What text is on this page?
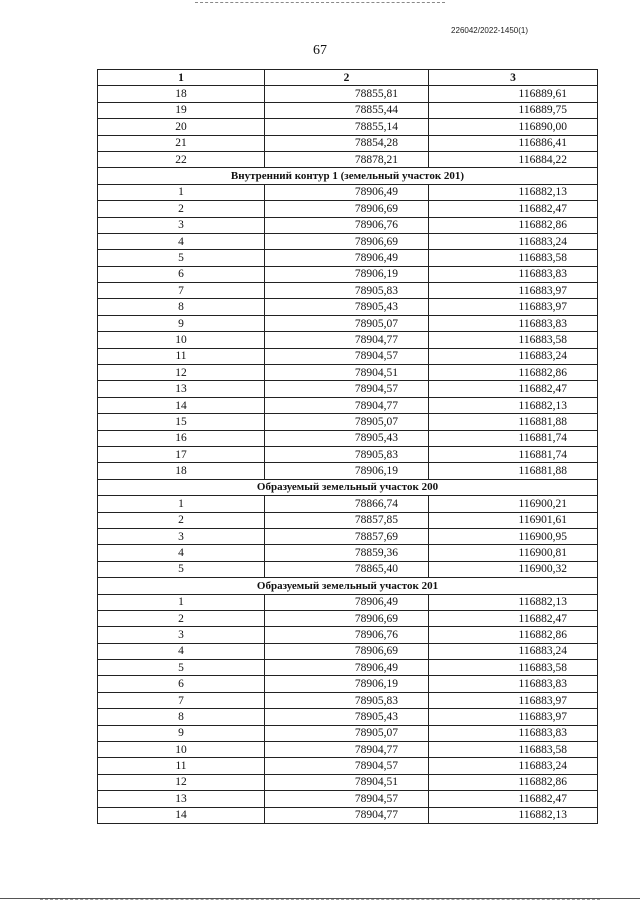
226042/2022-1450(1)
67
1	2	3
18	78855,81	116889,61
19	78855,44	116889,75
20	78855,14	116890,00
21	78854,28	116886,41
22	78878,21	116884,22
Внутренний контур 1 (земельный участок 201)		
1	78906,49	116882,13
2	78906,69	116882,47
3	78906,76	116882,86
4	78906,69	116883,24
5	78906,49	116883,58
6	78906,19	116883,83
7	78905,83	116883,97
8	78905,43	116883,97
9	78905,07	116883,83
10	78904,77	116883,58
11	78904,57	116883,24
12	78904,51	116882,86
13	78904,57	116882,47
14	78904,77	116882,13
15	78905,07	116881,88
16	78905,43	116881,74
17	78905,83	116881,74
18	78906,19	116881,88
Образуемый земельный участок 200		
1	78866,74	116900,21
2	78857,85	116901,61
3	78857,69	116900,95
4	78859,36	116900,81
5	78865,40	116900,32
Образуемый земельный участок 201		
1	78906,49	116882,13
2	78906,69	116882,47
3	78906,76	116882,86
4	78906,69	116883,24
5	78906,49	116883,58
6	78906,19	116883,83
7	78905,83	116883,97
8	78905,43	116883,97
9	78905,07	116883,83
10	78904,77	116883,58
11	78904,57	116883,24
12	78904,51	116882,86
13	78904,57	116882,47
14	78904,77	116882,13
